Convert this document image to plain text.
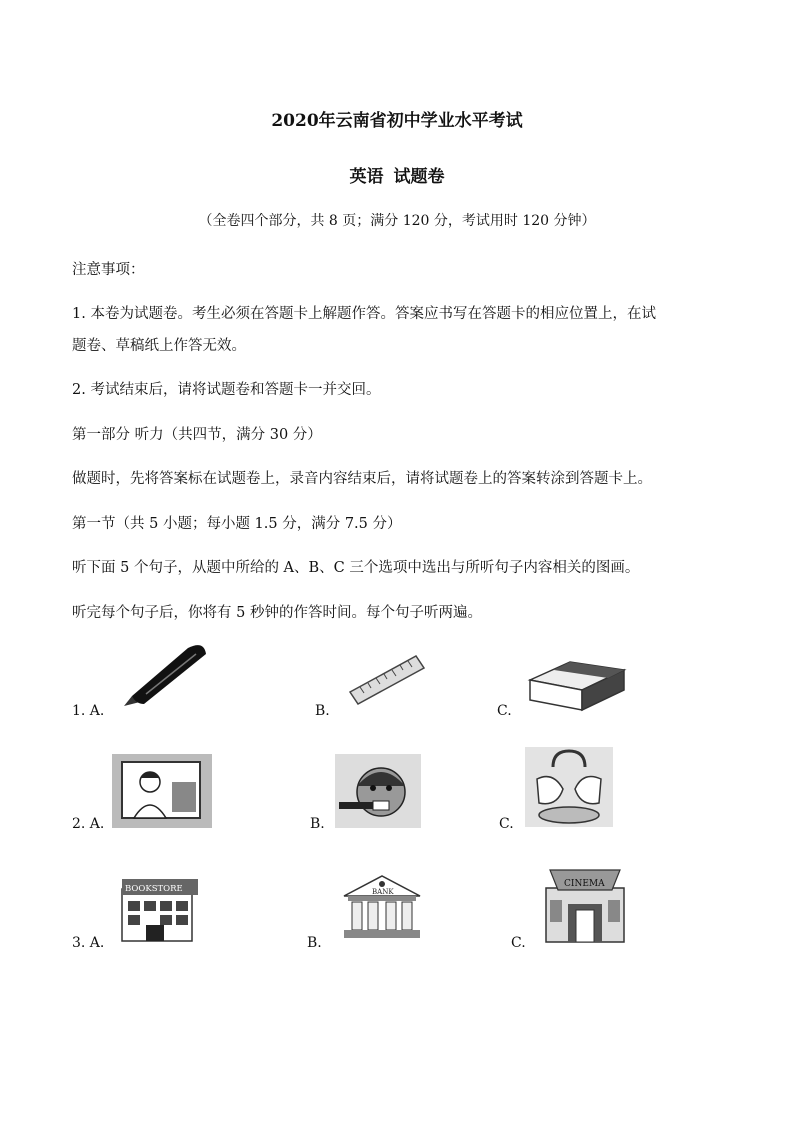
2020年云南省初中学业水平考试
英语 试题卷
（全卷四个部分，共 8 页；满分 120 分，考试用时 120 分钟）
注意事项：
1. 本卷为试题卷。考生必须在答题卡上解题作答。答案应书写在答题卡的相应位置上，在试
题卷、草稿纸上作答无效。
2. 考试结束后，请将试题卷和答题卡一并交回。
第一部分 听力（共四节，满分 30 分）
做题时，先将答案标在试题卷上，录音内容结束后，请将试题卷上的答案转涂到答题卡上。
第一节（共 5 小题；每小题 1.5 分，满分 7.5 分）
听下面 5 个句子，从题中所给的 A、B、C 三个选项中选出与所听句子内容相关的图画。
听完每个句子后，你将有 5 秒钟的作答时间。每个句子听两遍。
1. A.	B.	C.
2. A.	B.	C.
3. A.
BOOKSTORE
B.
BANK
C.
CINEMA
